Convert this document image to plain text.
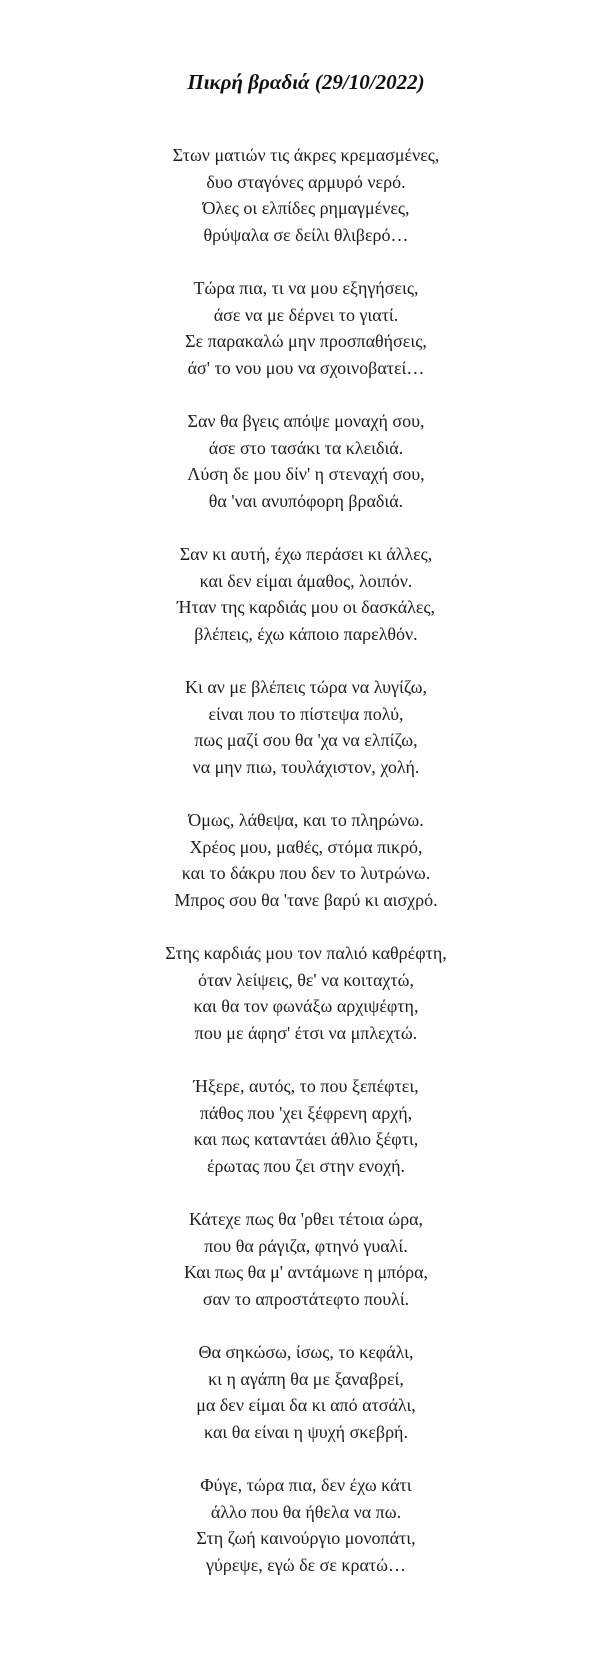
Πικρή βραδιά (29/10/2022)
Στων ματιών τις άκρες κρεμασμένες,
δυο σταγόνες αρμυρό νερό.
Όλες οι ελπίδες ρημαγμένες,
θρύψαλα σε δείλι θλιβερό…
Τώρα πια, τι να μου εξηγήσεις,
άσε να με δέρνει το γιατί.
Σε παρακαλώ μην προσπαθήσεις,
άσ' το νου μου να σχοινοβατεί…
Σαν θα βγεις απόψε μοναχή σου,
άσε στο τασάκι τα κλειδιά.
Λύση δε μου δίν' η στεναχή σου,
θα 'ναι ανυπόφορη βραδιά.
Σαν κι αυτή, έχω περάσει κι άλλες,
και δεν είμαι άμαθος, λοιπόν.
Ήταν της καρδιάς μου οι δασκάλες,
βλέπεις, έχω κάποιο παρελθόν.
Κι αν με βλέπεις τώρα να λυγίζω,
είναι που το πίστεψα πολύ,
πως μαζί σου θα 'χα να ελπίζω,
να μην πιω, τουλάχιστον, χολή.
Όμως, λάθεψα, και το πληρώνω.
Χρέος μου, μαθές, στόμα πικρό,
και το δάκρυ που δεν το λυτρώνω.
Μπρος σου θα 'τανε βαρύ κι αισχρό.
Στης καρδιάς μου τον παλιό καθρέφτη,
όταν λείψεις, θε' να κοιταχτώ,
και θα τον φωνάξω αρχιψέφτη,
που με άφησ' έτσι να μπλεχτώ.
Ήξερε, αυτός, το που ξεπέφτει,
πάθος που 'χει ξέφρενη αρχή,
και πως καταντάει άθλιο ξέφτι,
έρωτας που ζει στην ενοχή.
Κάτεχε πως θα 'ρθει τέτοια ώρα,
που θα ράγιζα, φτηνό γυαλί.
Και πως θα μ' αντάμωνε η μπόρα,
σαν το απροστάτεφτο πουλί.
Θα σηκώσω, ίσως, το κεφάλι,
κι η αγάπη θα με ξαναβρεί,
μα δεν είμαι δα κι από ατσάλι,
και θα είναι η ψυχή σκεβρή.
Φύγε, τώρα πια, δεν έχω κάτι
άλλο που θα ήθελα να πω.
Στη ζωή καινούργιο μονοπάτι,
γύρεψε, εγώ δε σε κρατώ…
